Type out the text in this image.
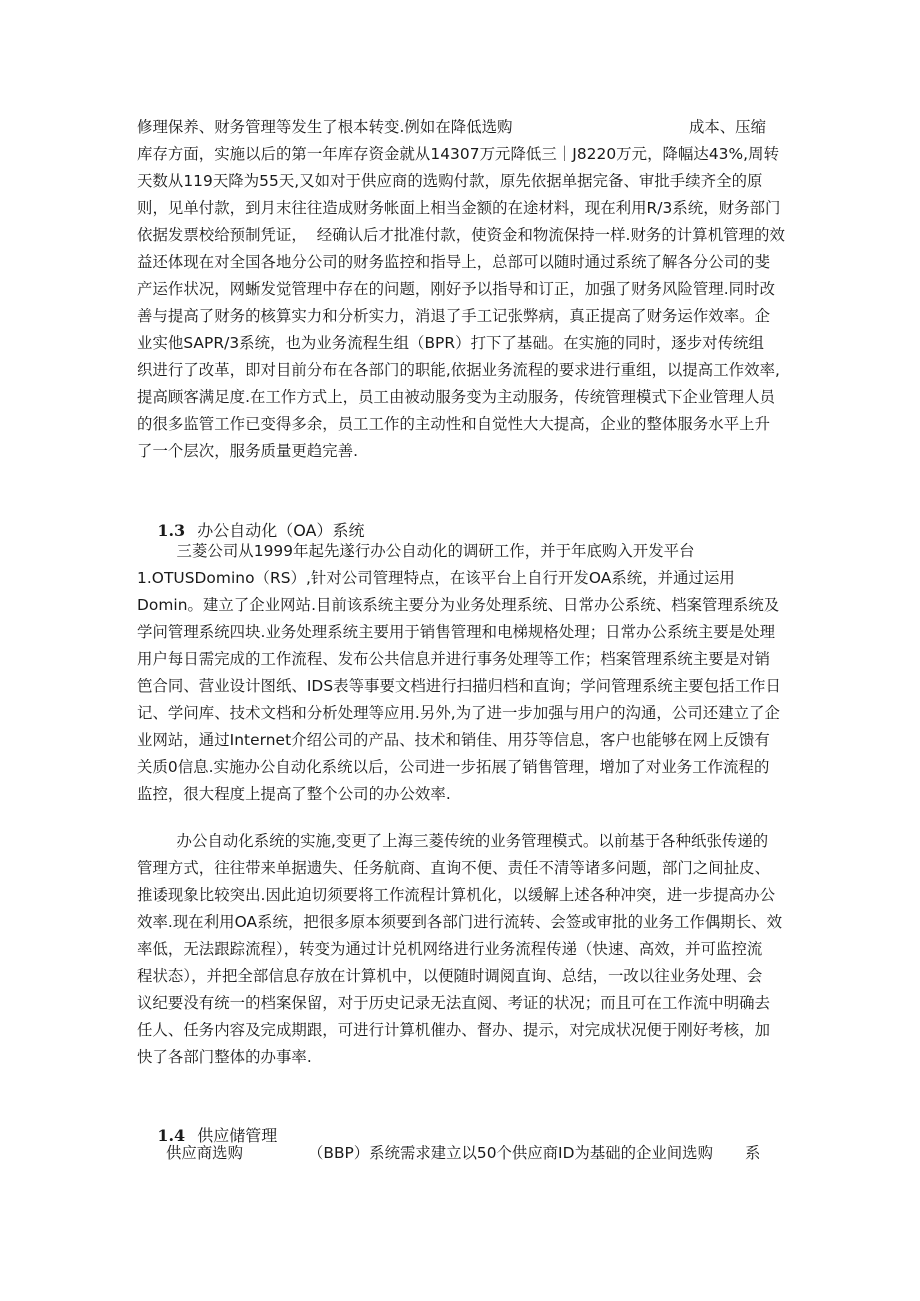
修理保养、财务管理等发生了根本转变.例如在降低选购	成本、压缩
库存方面，实施以后的第一年库存资金就从14307万元降低三｜J8220万元，降幅达43%,周转
天数从119天降为55天,又如对于供应商的选购付款，原先依据单据完备、审批手续齐全的原
则，见单付款，到月末往往造成财务帐面上相当金额的在途材料，现在利用R/3系统，财务部门
依据发票校给预制凭证，  经确认后才批准付款，使资金和物流保持一样.财务的计算机管理的效
益还体现在对全国各地分公司的财务监控和指导上，总部可以随时通过系统了解各分公司的斐
产运作状况，网蜥发觉管理中存在的问题，刚好予以指导和订正，加强了财务风险管理.同时改
善与提高了财务的核算实力和分析实力，消退了手工记张弊病，真正提高了财务运作效率。企
业实他SAPR/3系统，也为业务流程生组（BPR）打下了基础。在实施的同时，逐步对传统组
织进行了改革，即对目前分布在各部门的职能,依据业务流程的要求进行重组，以提高工作效率,
提高顾客满足度.在工作方式上，员工由被动服务变为主动服务，传统管理模式下企业管理人员
的很多监管工作已变得多余，员工工作的主动性和自觉性大大提高，企业的整体服务水平上升
了一个层次，服务质量更趋完善.

1.3 办公自动化（OA）系统

三菱公司从1999年起先遂行办公自动化的调研工作，并于年底购入开发平台
1.OTUSDomino（RS）,针对公司管理特点，在该平台上自行开发OA系统，并通过运用
Domin。建立了企业网站.目前该系统主要分为业务处理系统、日常办公系统、档案管理系统及
学问管理系统四块.业务处理系统主要用于销售管理和电梯规格处理；日常办公系统主要是处理
用户每日需完成的工作流程、发布公共信息并进行事务处理等工作；档案管理系统主要是对销
笆合同、营业设计图纸、IDS表等事要文档进行扫描归档和直询；学问管理系统主要包括工作日
记、学问库、技术文档和分析处理等应用.另外,为了进一步加强与用户的沟通，公司还建立了企
业网站，通过Internet介绍公司的产品、技术和销佳、用芬等信息，客户也能够在网上反馈有
关质0信息.实施办公自动化系统以后，公司进一步拓展了销售管理，增加了对业务工作流程的
监控，很大程度上提高了整个公司的办公效率.
办公自动化系统的实施,变更了上海三菱传统的业务管理模式。以前基于各种纸张传递的
管理方式，往往带来单据遗失、任务航商、直询不便、责任不清等诸多问题，部门之间扯皮、
推诿现象比较突出.因此迫切须要将工作流程计算机化，以缓解上述各种冲突，进一步提高办公
效率.现在利用OA系统，把很多原本须要到各部门进行流转、会签或审批的业务工作偶期长、效
率低，无法跟踪流程），转变为通过计兑机网络进行业务流程传递（快速、高效，并可监控流
程状态），并把全部信息存放在计算机中，以便随时调阅直询、总结，一改以往业务处理、会
议纪要没有统一的档案保留，对于历史记录无法直阅、考证的状况；而且可在工作流中明确去
任人、任务内容及完成期跟，可进行计算机催办、督办、提示，对完成状况便于刚好考核，加
快了各部门整体的办事率.

1.4 供应储管理

供应商选购	（BBP）系统需求建立以50个供应商ID为基础的企业间选购 系
